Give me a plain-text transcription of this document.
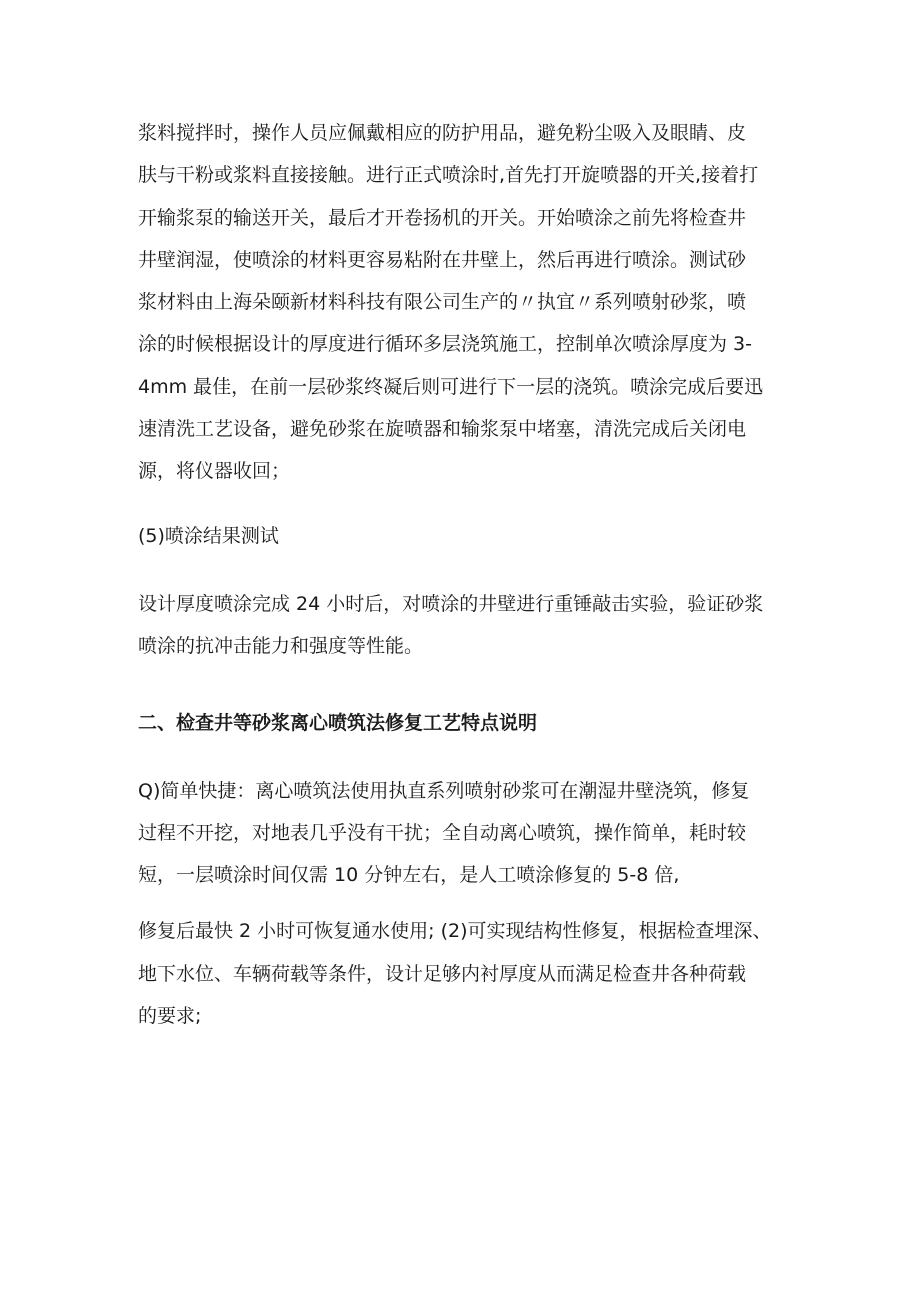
浆料搅拌时，操作人员应佩戴相应的防护用品，避免粉尘吸入及眼睛、皮
肤与干粉或浆料直接接触。进行正式喷涂时,首先打开旋喷器的开关,接着打
开输浆泵的输送开关，最后才开卷扬机的开关。开始喷涂之前先将检查井
井壁润湿，使喷涂的材料更容易粘附在井壁上，然后再进行喷涂。测试砂
浆材料由上海朵颐新材料科技有限公司生产的〃执宜〃系列喷射砂浆，喷
涂的时候根据设计的厚度进行循环多层浇筑施工，控制单次喷涂厚度为 3-
4mm 最佳，在前一层砂浆终凝后则可进行下一层的浇筑。喷涂完成后要迅
速清洗工艺设备，避免砂浆在旋喷器和输浆泵中堵塞，清洗完成后关闭电
源，将仪器收回；

(5)喷涂结果测试

设计厚度喷涂完成 24 小时后，对喷涂的井壁进行重锤敲击实验，验证砂浆
喷涂的抗冲击能力和强度等性能。

二、检查井等砂浆离心喷筑法修复工艺特点说明

Q)简单快捷：离心喷筑法使用执直系列喷射砂浆可在潮湿井壁浇筑，修复
过程不开挖，对地表几乎没有干扰；全自动离心喷筑，操作简单，耗时较
短，一层喷涂时间仅需 10 分钟左右，是人工喷涂修复的 5-8 倍,

修复后最快 2 小时可恢复通水使用; (2)可实现结构性修复，根据检查埋深、
地下水位、车辆荷载等条件，设计足够内衬厚度从而满足检查井各种荷载
的要求;
